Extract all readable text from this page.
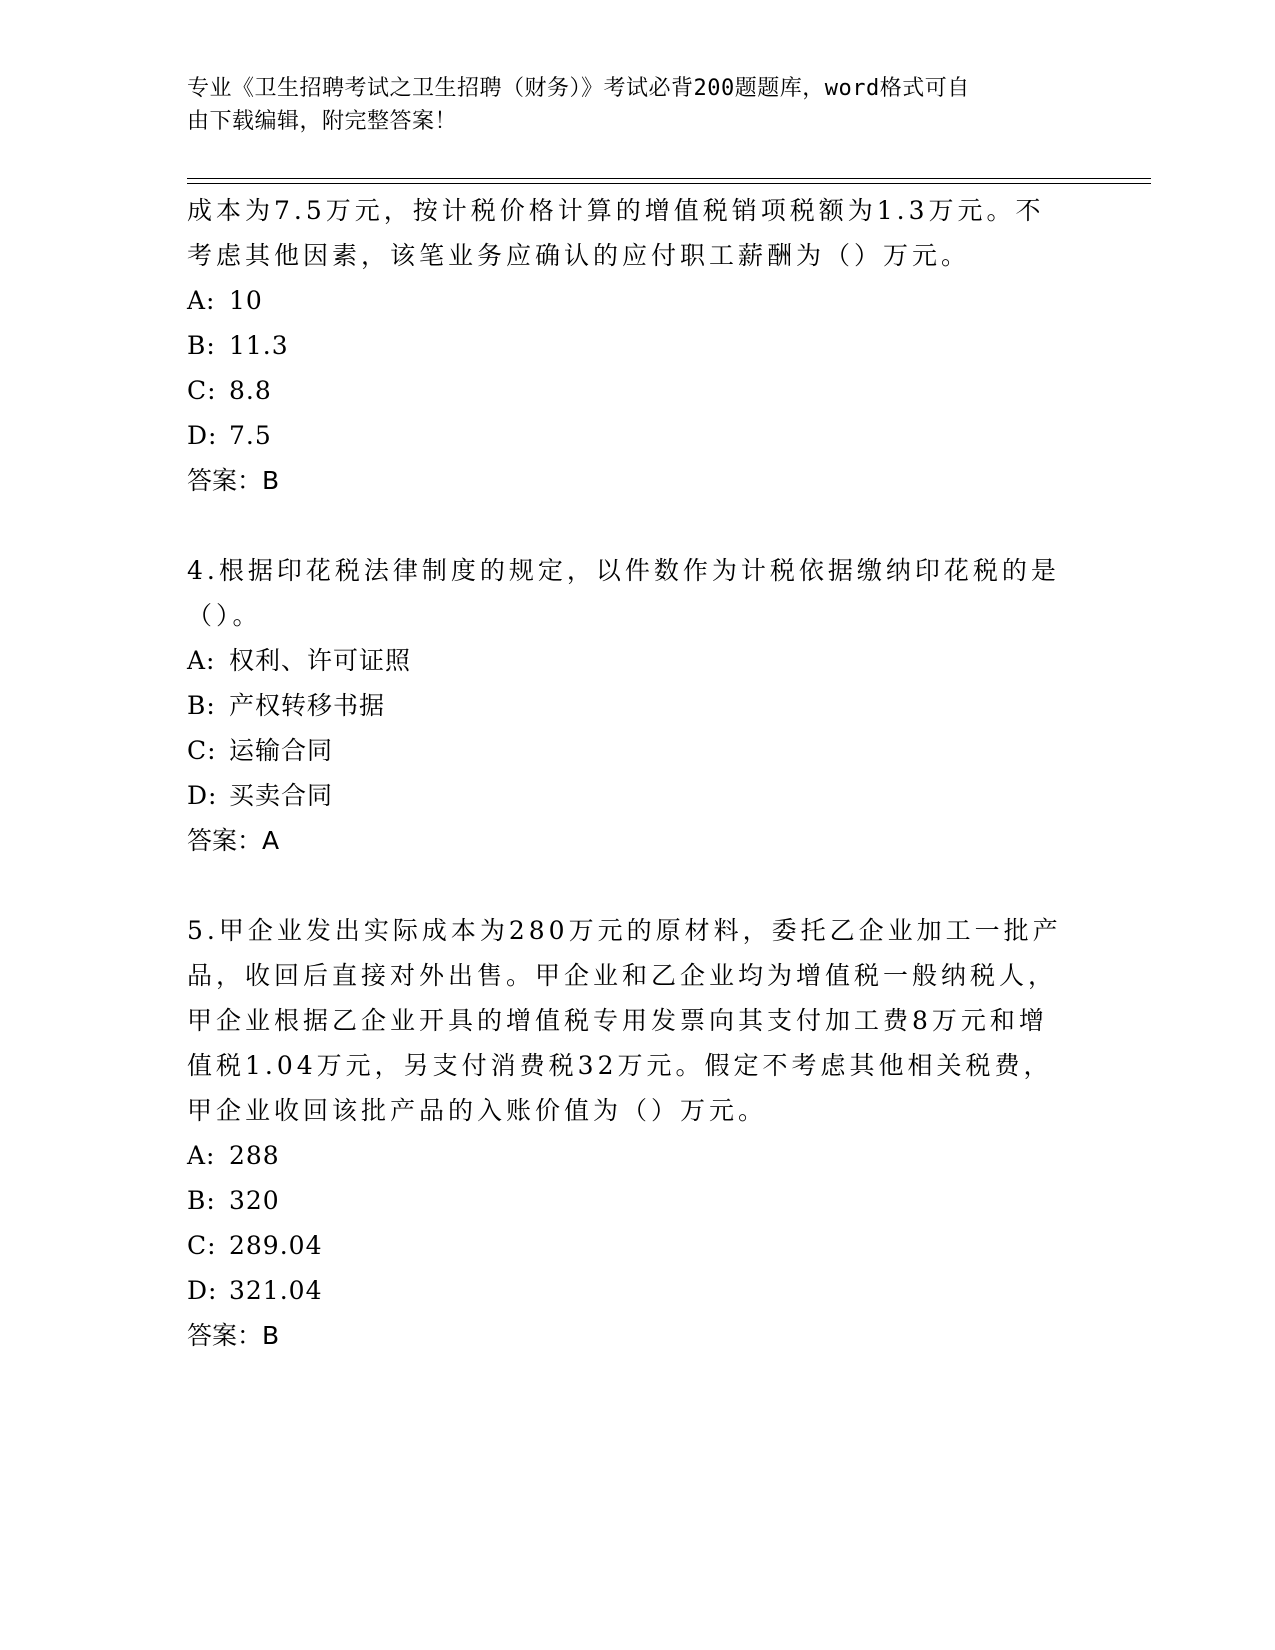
专业《卫生招聘考试之卫生招聘（财务）》考试必背200题题库，word格式可自
由下载编辑，附完整答案！

成本为7.5万元，按计税价格计算的增值税销项税额为1.3万元。不

考虑其他因素，该笔业务应确认的应付职工薪酬为（）万元。

A: 10

B: 11.3

C: 8.8

D: 7.5

答案：B

4.根据印花税法律制度的规定，以件数作为计税依据缴纳印花税的是

（）。

A: 权利、许可证照

B: 产权转移书据

C: 运输合同

D: 买卖合同

答案：A

5.甲企业发出实际成本为280万元的原材料，委托乙企业加工一批产

品，收回后直接对外出售。甲企业和乙企业均为增值税一般纳税人，

甲企业根据乙企业开具的增值税专用发票向其支付加工费8万元和增

值税1.04万元，另支付消费税32万元。假定不考虑其他相关税费，

甲企业收回该批产品的入账价值为（）万元。

A: 288

B: 320

C: 289.04

D: 321.04

答案：B
